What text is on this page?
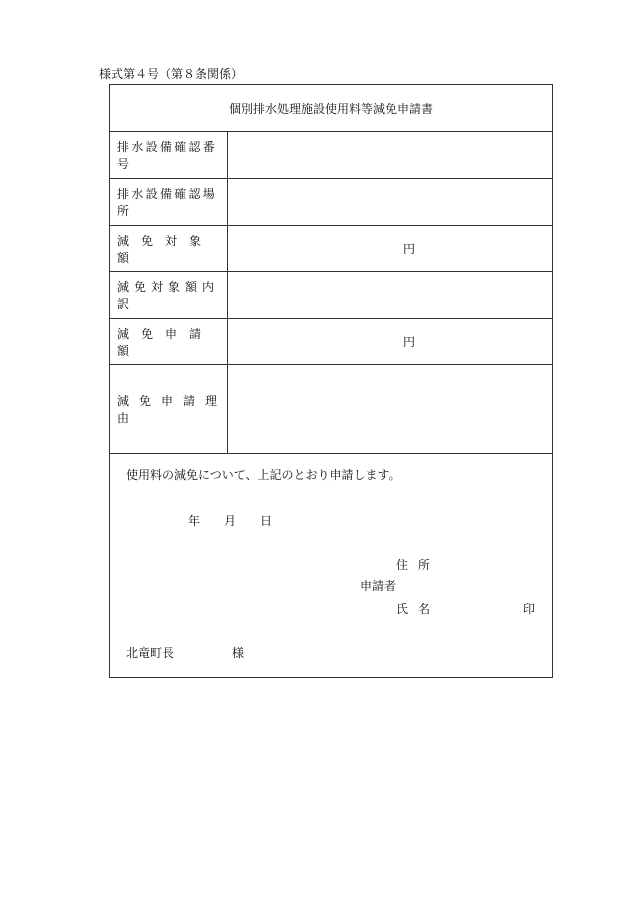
様式第４号（第８条関係）
個別排水処理施設使用料等減免申請書
排水設備確認番号
排水設備確認場所
減　免　対　象　額
円
減免対象額内訳
減　免　申　請　額
円
減　免　申　請　理　由
使用料の減免について、上記のとおり申請します。
年 月 日
住所
申請者
氏名	印
北竜町長	様
